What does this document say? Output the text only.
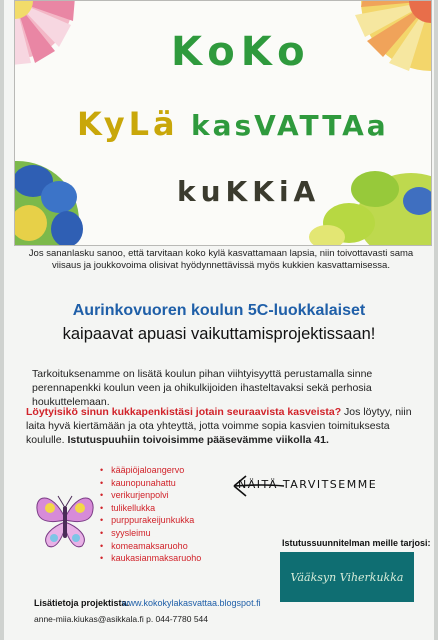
KoKo
KyLä kasVATTAa
kuKKiA
Jos sananlasku sanoo, että tarvitaan koko kylä kasvattamaan lapsia, niin toivottavasti sama viisaus ja joukkovoima olisivat hyödynnettävissä myös kukkien kasvattamisessa.
Aurinkovuoren koulun 5C-luokkalaiset
kaipaavat apuasi vaikuttamisprojektissaan!
Tarkoituksenamme on lisätä koulun pihan viihtyisyyttä perustamalla sinne perennapenkki koulun veen ja ohikulkijoiden ihasteltavaksi sekä perhosia houkuttelemaan.
Löytyisikö sinun kukkapenkistäsi jotain seuraavista kasveista? Jos löytyy, niin laita hyvä kiertämään ja ota yhteyttä, jotta voimme sopia kasvien toimituksesta koululle. Istutuspuuhiin toivoisimme pääsevämme viikolla 41.
• kääpiöjaloangervo
• kaunopunahattu
• verikurjenpolvi
• tulikellukka
• purppurakeijunkukka
• syysleimu
• komeamaksaruoho
• kaukasianmaksaruoho
NÄITÄ TARVITSEMME
Istutussuunnitelman meille tarjosi:
Vääksyn Viherkukka
Lisätietoja projektista:
www.kokokylakasvattaa.blogspot.fi
anne-miia.kiukas@asikkala.fi p. 044-7780 544
